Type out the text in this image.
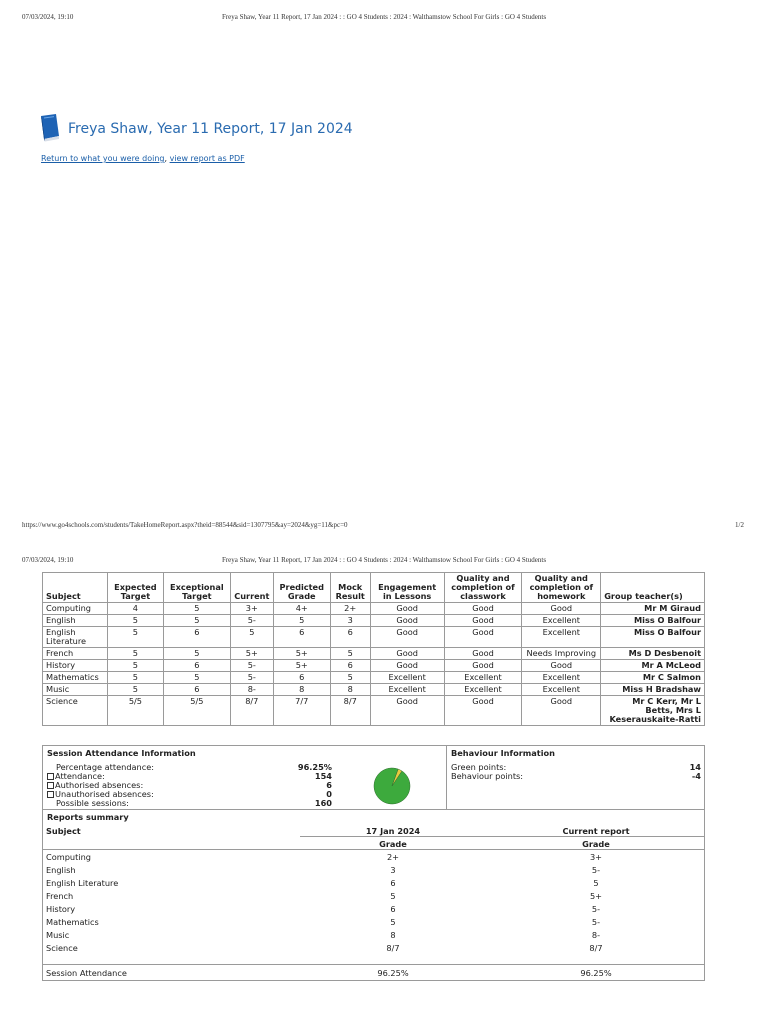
07/03/2024, 19:10	Freya Shaw, Year 11 Report, 17 Jan 2024 : : GO 4 Students : 2024 : Walthamstow School For Girls : GO 4 Students
Freya Shaw, Year 11 Report, 17 Jan 2024
Return to what you were doing, view report as PDF
https://www.go4schools.com/students/TakeHomeReport.aspx?theid=88544&sid=1307795&ay=2024&yg=11&pc=0	1/2
07/03/2024, 19:10	Freya Shaw, Year 11 Report, 17 Jan 2024 : : GO 4 Students : 2024 : Walthamstow School For Girls : GO 4 Students
Subject	Expected Target	Exceptional Target	Current	Predicted Grade	Mock Result	Engagement in Lessons	Quality and completion of classwork	Quality and completion of homework	Group teacher(s)
Computing	4	5	3+	4+	2+	Good	Good	Good	Mr M Giraud
English	5	5	5-	5	3	Good	Good	Excellent	Miss O Balfour
English Literature	5	6	5	6	6	Good	Good	Excellent	Miss O Balfour
French	5	5	5+	5+	5	Good	Good	Needs Improving	Ms D Desbenoit
History	5	6	5-	5+	6	Good	Good	Good	Mr A McLeod
Mathematics	5	5	5-	6	5	Excellent	Excellent	Excellent	Mr C Salmon
Music	5	6	8-	8	8	Excellent	Excellent	Excellent	Miss H Bradshaw
Science	5/5	5/5	8/7	7/7	8/7	Good	Good	Good	Mr C Kerr, Mr L Betts, Mrs L Keserauskaite-Ratti
Session Attendance Information
Percentage attendance:	96.25%
Attendance:	154
Authorised absences:	6
Unauthorised absences:	0
Possible sessions:	160
Behaviour Information
Green points:	14
Behaviour points:	-4
Reports summary
Subject	17 Jan 2024	Current report
Grade	Grade
Computing	2+	3+
English	3	5-
English Literature	6	5
French	5	5+
History	6	5-
Mathematics	5	5-
Music	8	8-
Science	8/7	8/7
Session Attendance	96.25%	96.25%
